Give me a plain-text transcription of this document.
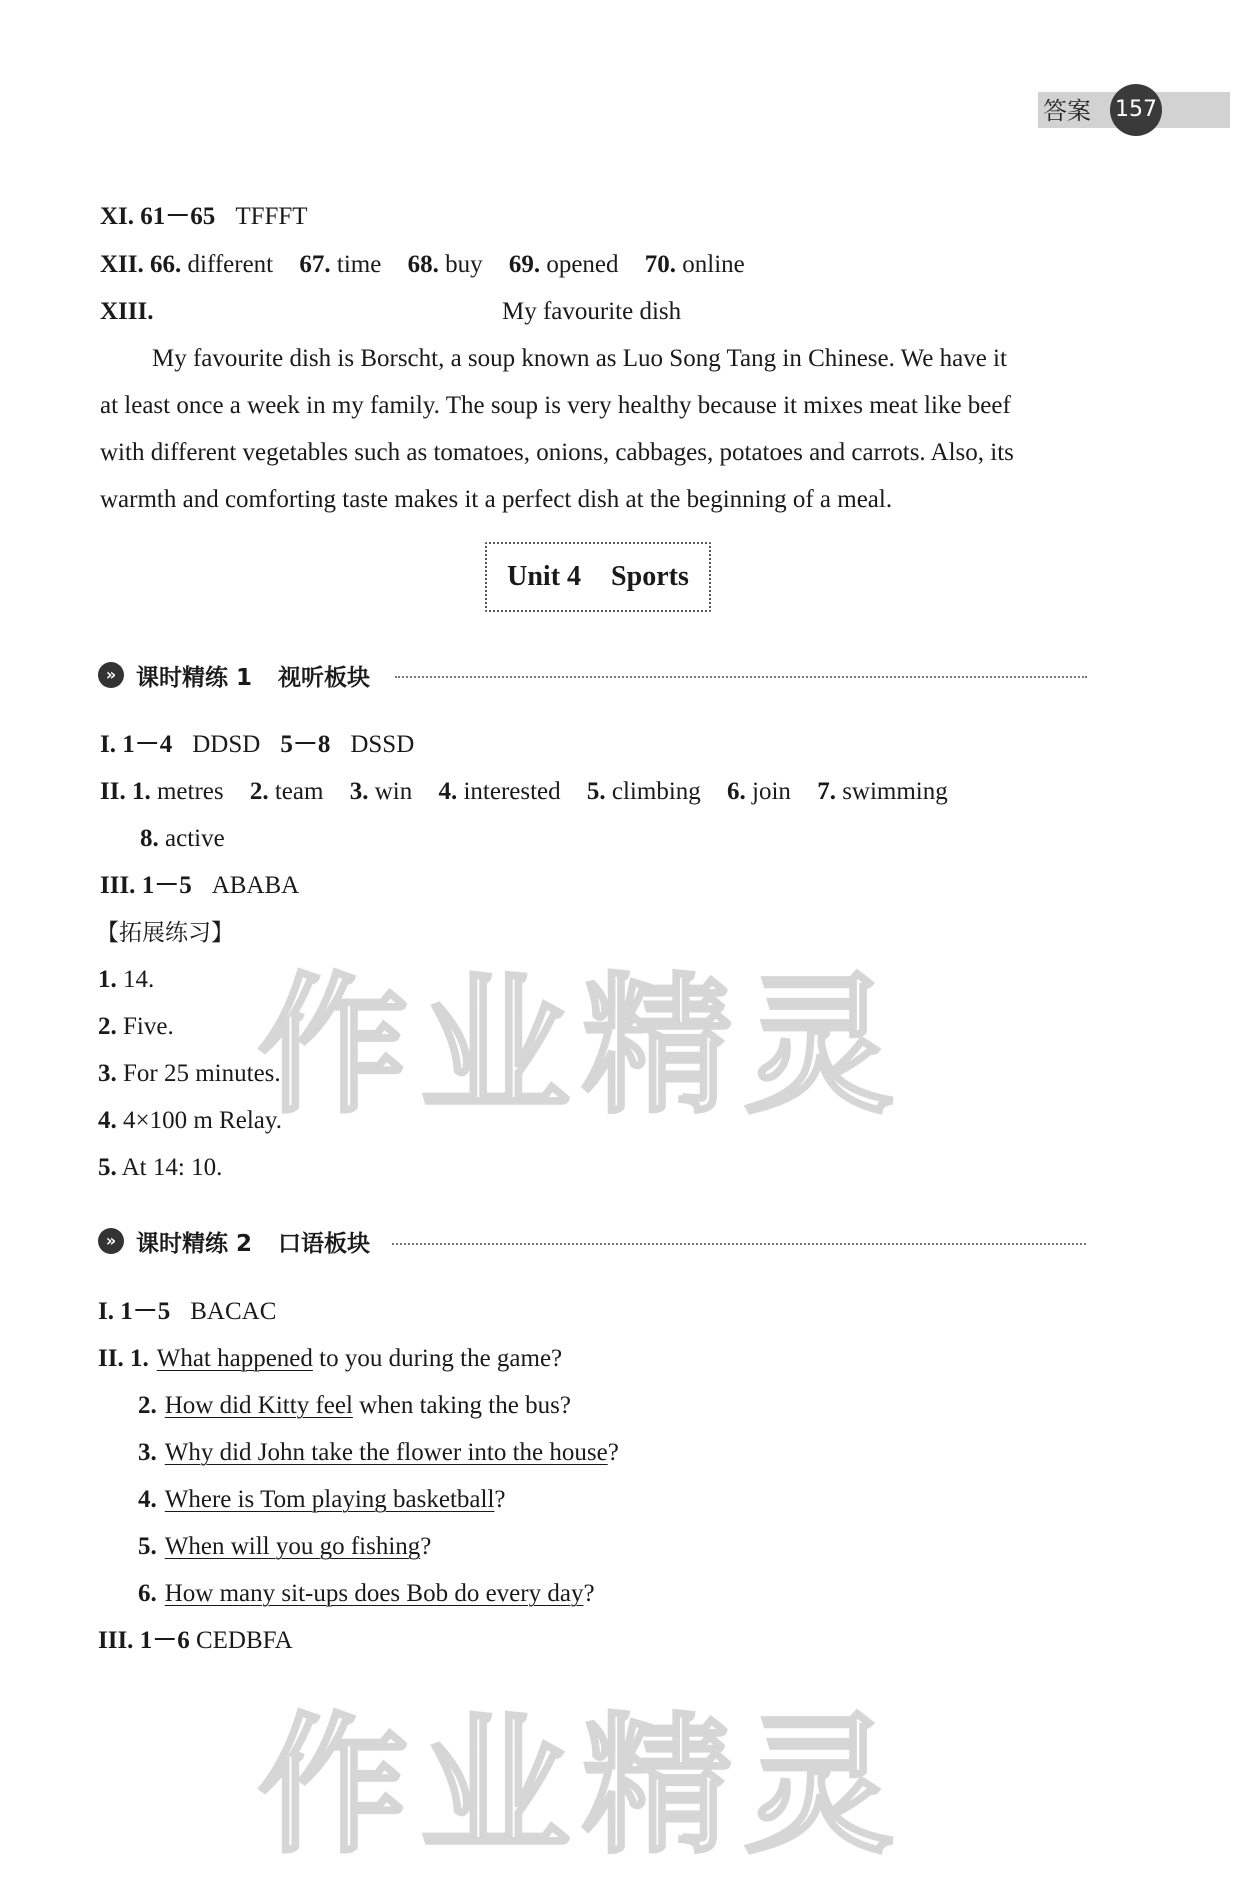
答案 157
XI. 61－65 TFFFT
XII. 66. different 67. time 68. buy 69. opened 70. online
XIII.	My favourite dish
My favourite dish is Borscht, a soup known as Luo Song Tang in Chinese. We have it
at least once a week in my family. The soup is very healthy because it mixes meat like beef
with different vegetables such as tomatoes, onions, cabbages, potatoes and carrots. Also, its
warmth and comforting taste makes it a perfect dish at the beginning of a meal.
Unit 4 Sports
» 课时精练 1 视听板块
I. 1－4 DDSD 5－8 DSSD
II. 1. metres 2. team 3. win 4. interested 5. climbing 6. join 7. swimming
8. active
III. 1－5 ABABA
【拓展练习】
1. 14.
2. Five.
3. For 25 minutes.
4. 4×100 m Relay.
5. At 14: 10.
» 课时精练 2 口语板块
I. 1－5 BACAC
II. 1. What happened to you during the game?
2. How did Kitty feel when taking the bus?
3. Why did John take the flower into the house?
4. Where is Tom playing basketball?
5. When will you go fishing?
6. How many sit-ups does Bob do every day?
III. 1－6 CEDBFA
作业精灵
作业精灵
